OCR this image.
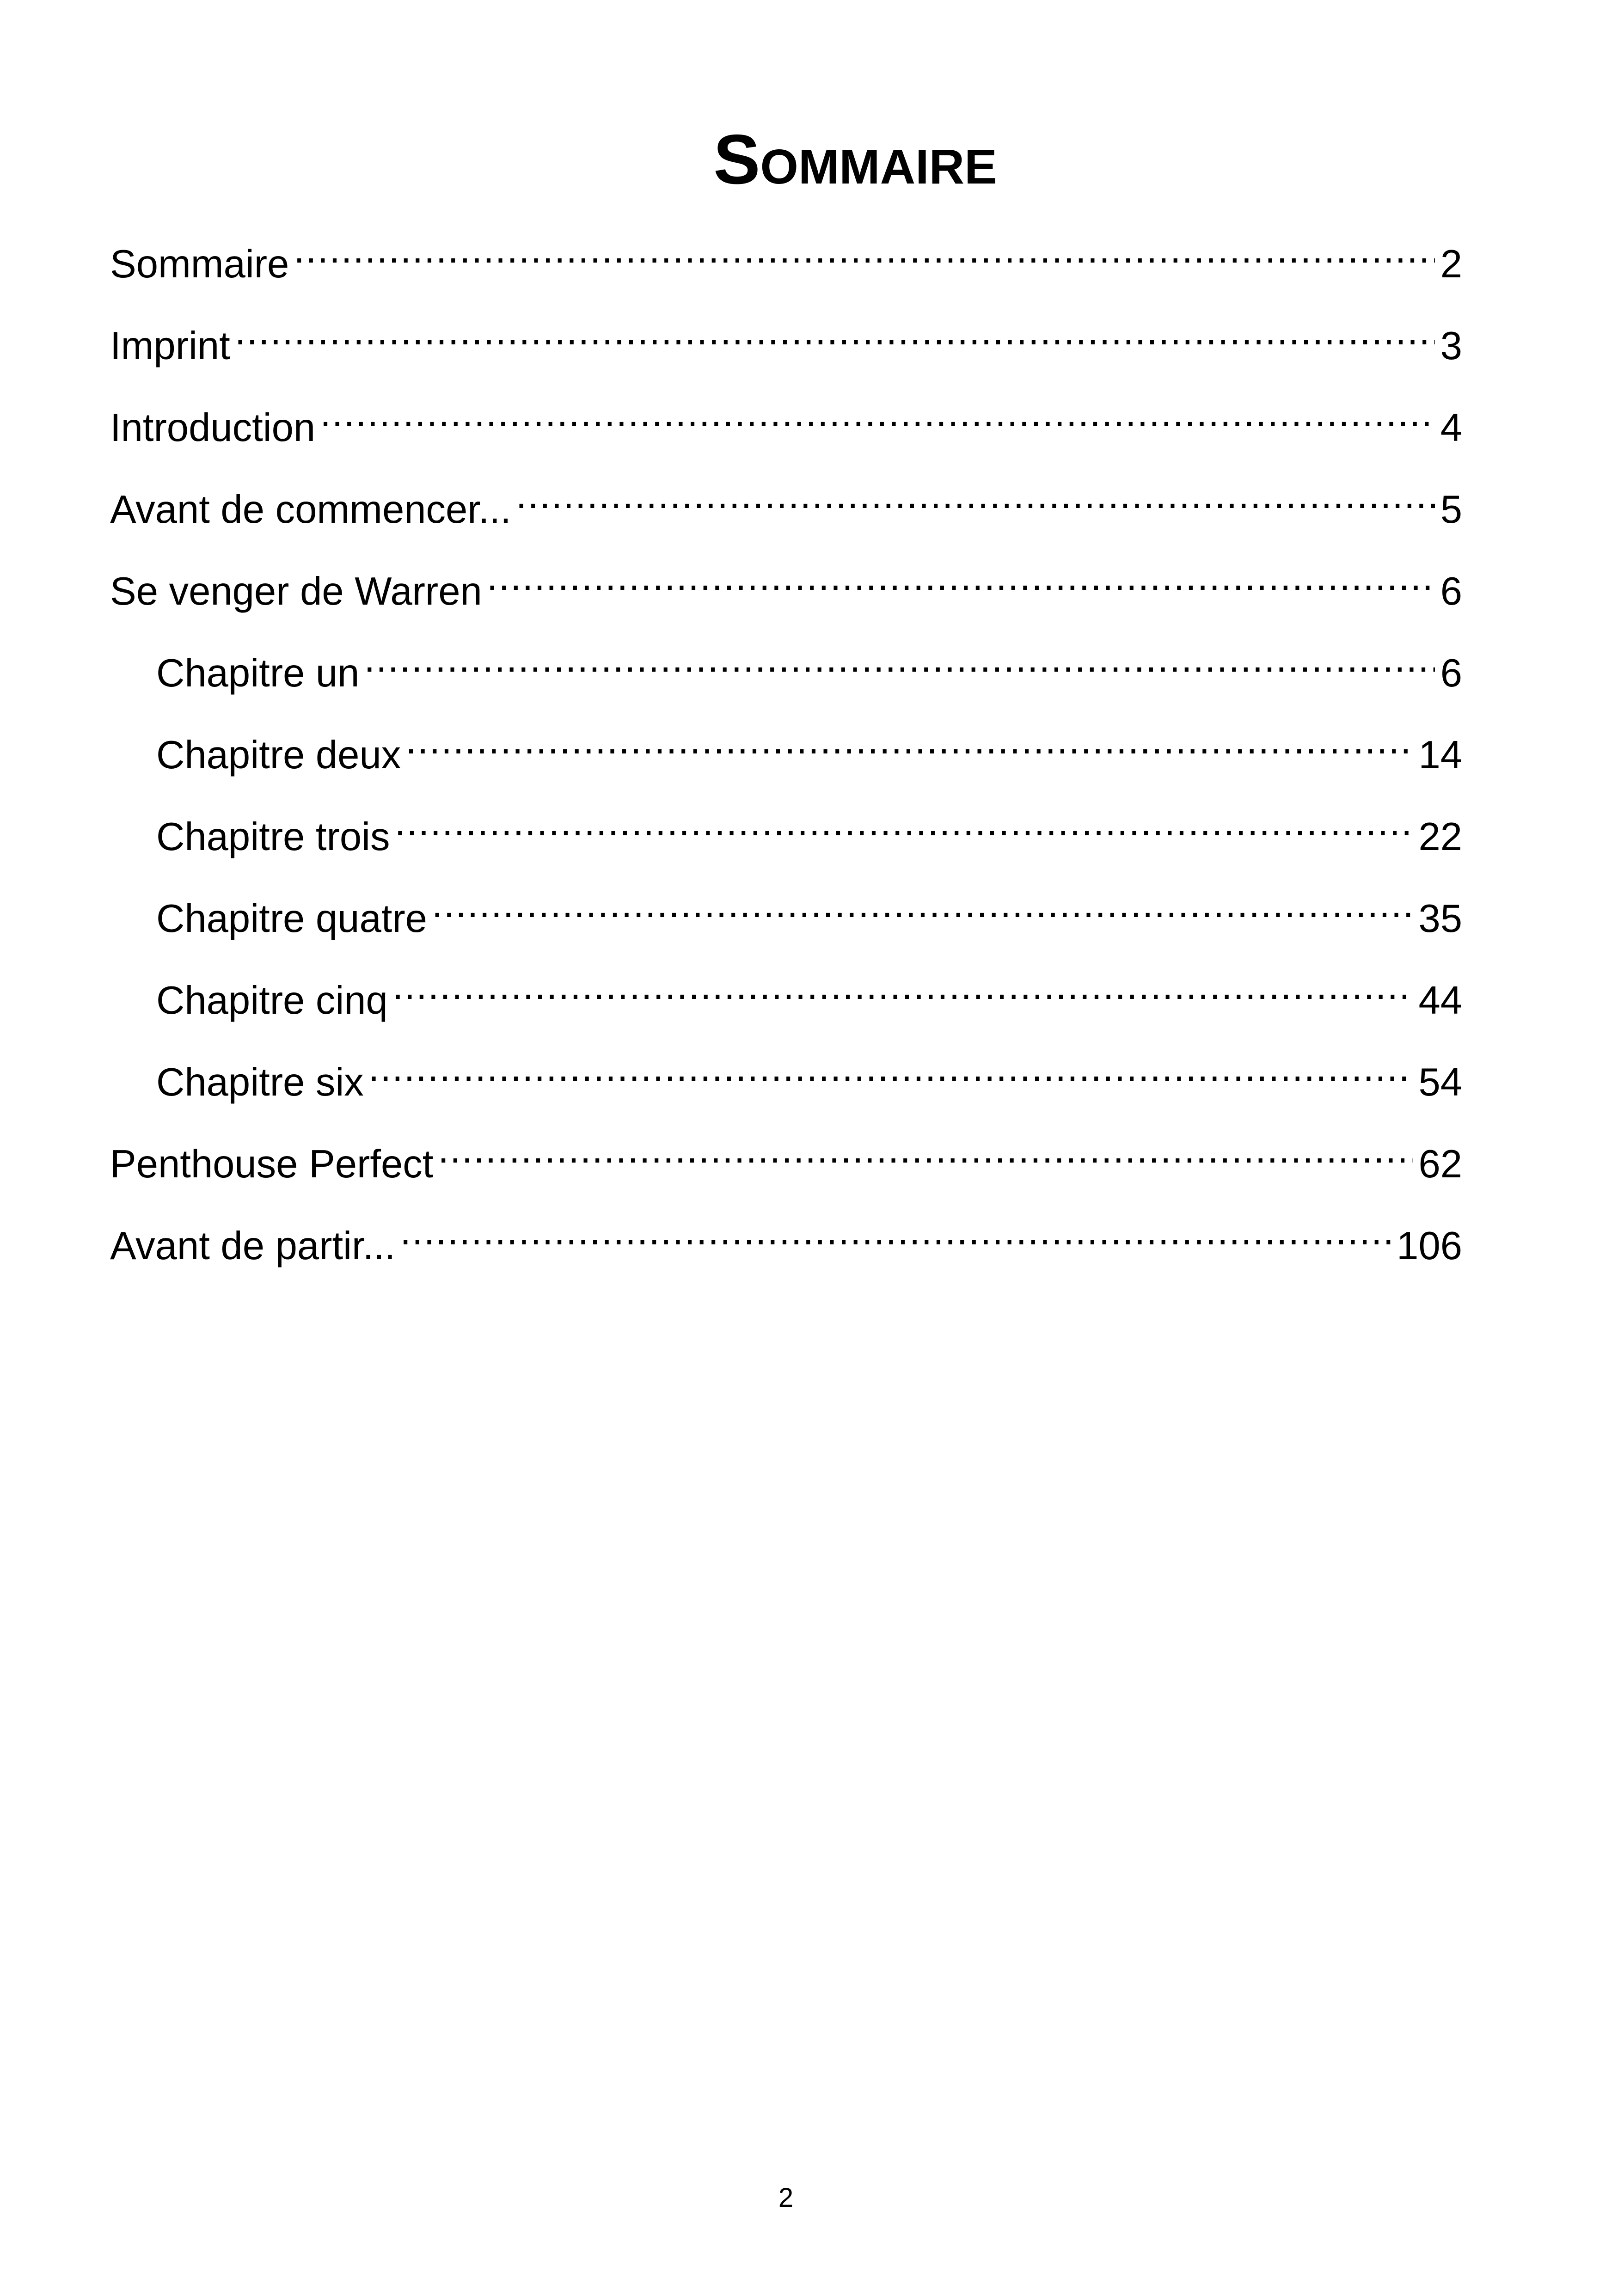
Sommaire
Sommaire .....	2
Imprint .....	3
Introduction .....	4
Avant de commencer... .....	5
Se venger de Warren .....	6
Chapitre un .....	6
Chapitre deux .....	14
Chapitre trois .....	22
Chapitre quatre .....	35
Chapitre cinq .....	44
Chapitre six .....	54
Penthouse Perfect .....	62
Avant de partir... .....	106
2
